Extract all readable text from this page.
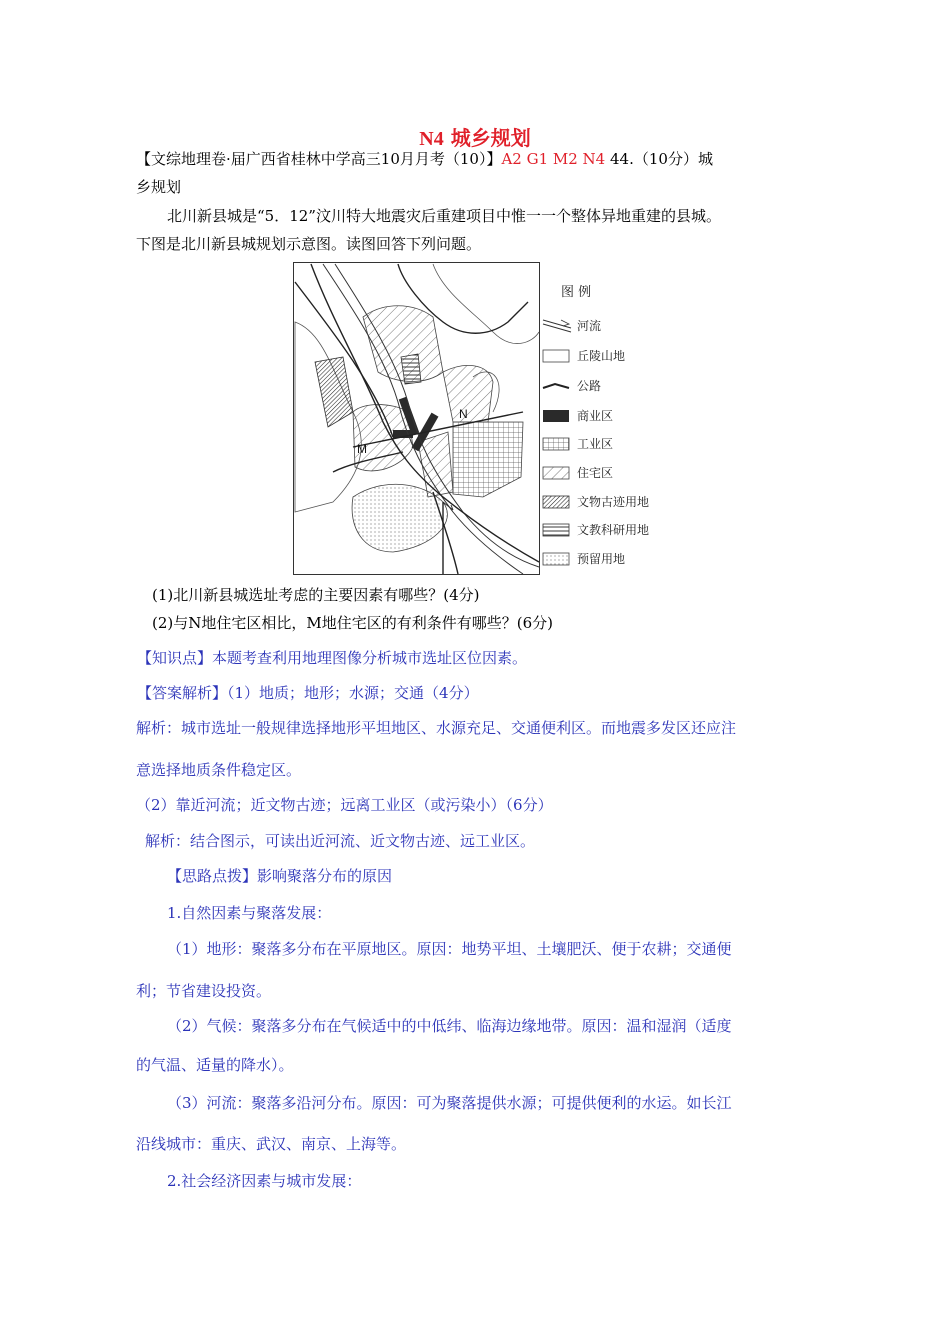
N4 城乡规划
【文综地理卷·届广西省桂林中学高三10月月考（10）】A2 G1 M2 N4 44.（10分）城
乡规划
北川新县城是“5．12”汶川特大地震灾后重建项目中惟一一个整体异地重建的县城。
下图是北川新县城规划示意图。读图回答下列问题。
M
N
图 例
河流
丘陵山地
公路
商业区
工业区
住宅区
文物古迹用地
文教科研用地
预留用地
(1)北川新县城选址考虑的主要因素有哪些？(4分)
(2)与N地住宅区相比，M地住宅区的有利条件有哪些？(6分)
【知识点】本题考查利用地理图像分析城市选址区位因素。
【答案解析】（1）地质；地形；水源；交通（4分）
解析：城市选址一般规律选择地形平坦地区、水源充足、交通便利区。而地震多发区还应注
意选择地质条件稳定区。
（2）靠近河流；近文物古迹；远离工业区（或污染小）（6分）
解析：结合图示，可读出近河流、近文物古迹、远工业区。
【思路点拨】影响聚落分布的原因
1.自然因素与聚落发展：
（1）地形：聚落多分布在平原地区。原因：地势平坦、土壤肥沃、便于农耕；交通便
利；节省建设投资。
（2）气候：聚落多分布在气候适中的中低纬、临海边缘地带。原因：温和湿润（适度
的气温、适量的降水）。
（3）河流：聚落多沿河分布。原因：可为聚落提供水源；可提供便利的水运。如长江
沿线城市：重庆、武汉、南京、上海等。
2.社会经济因素与城市发展：
